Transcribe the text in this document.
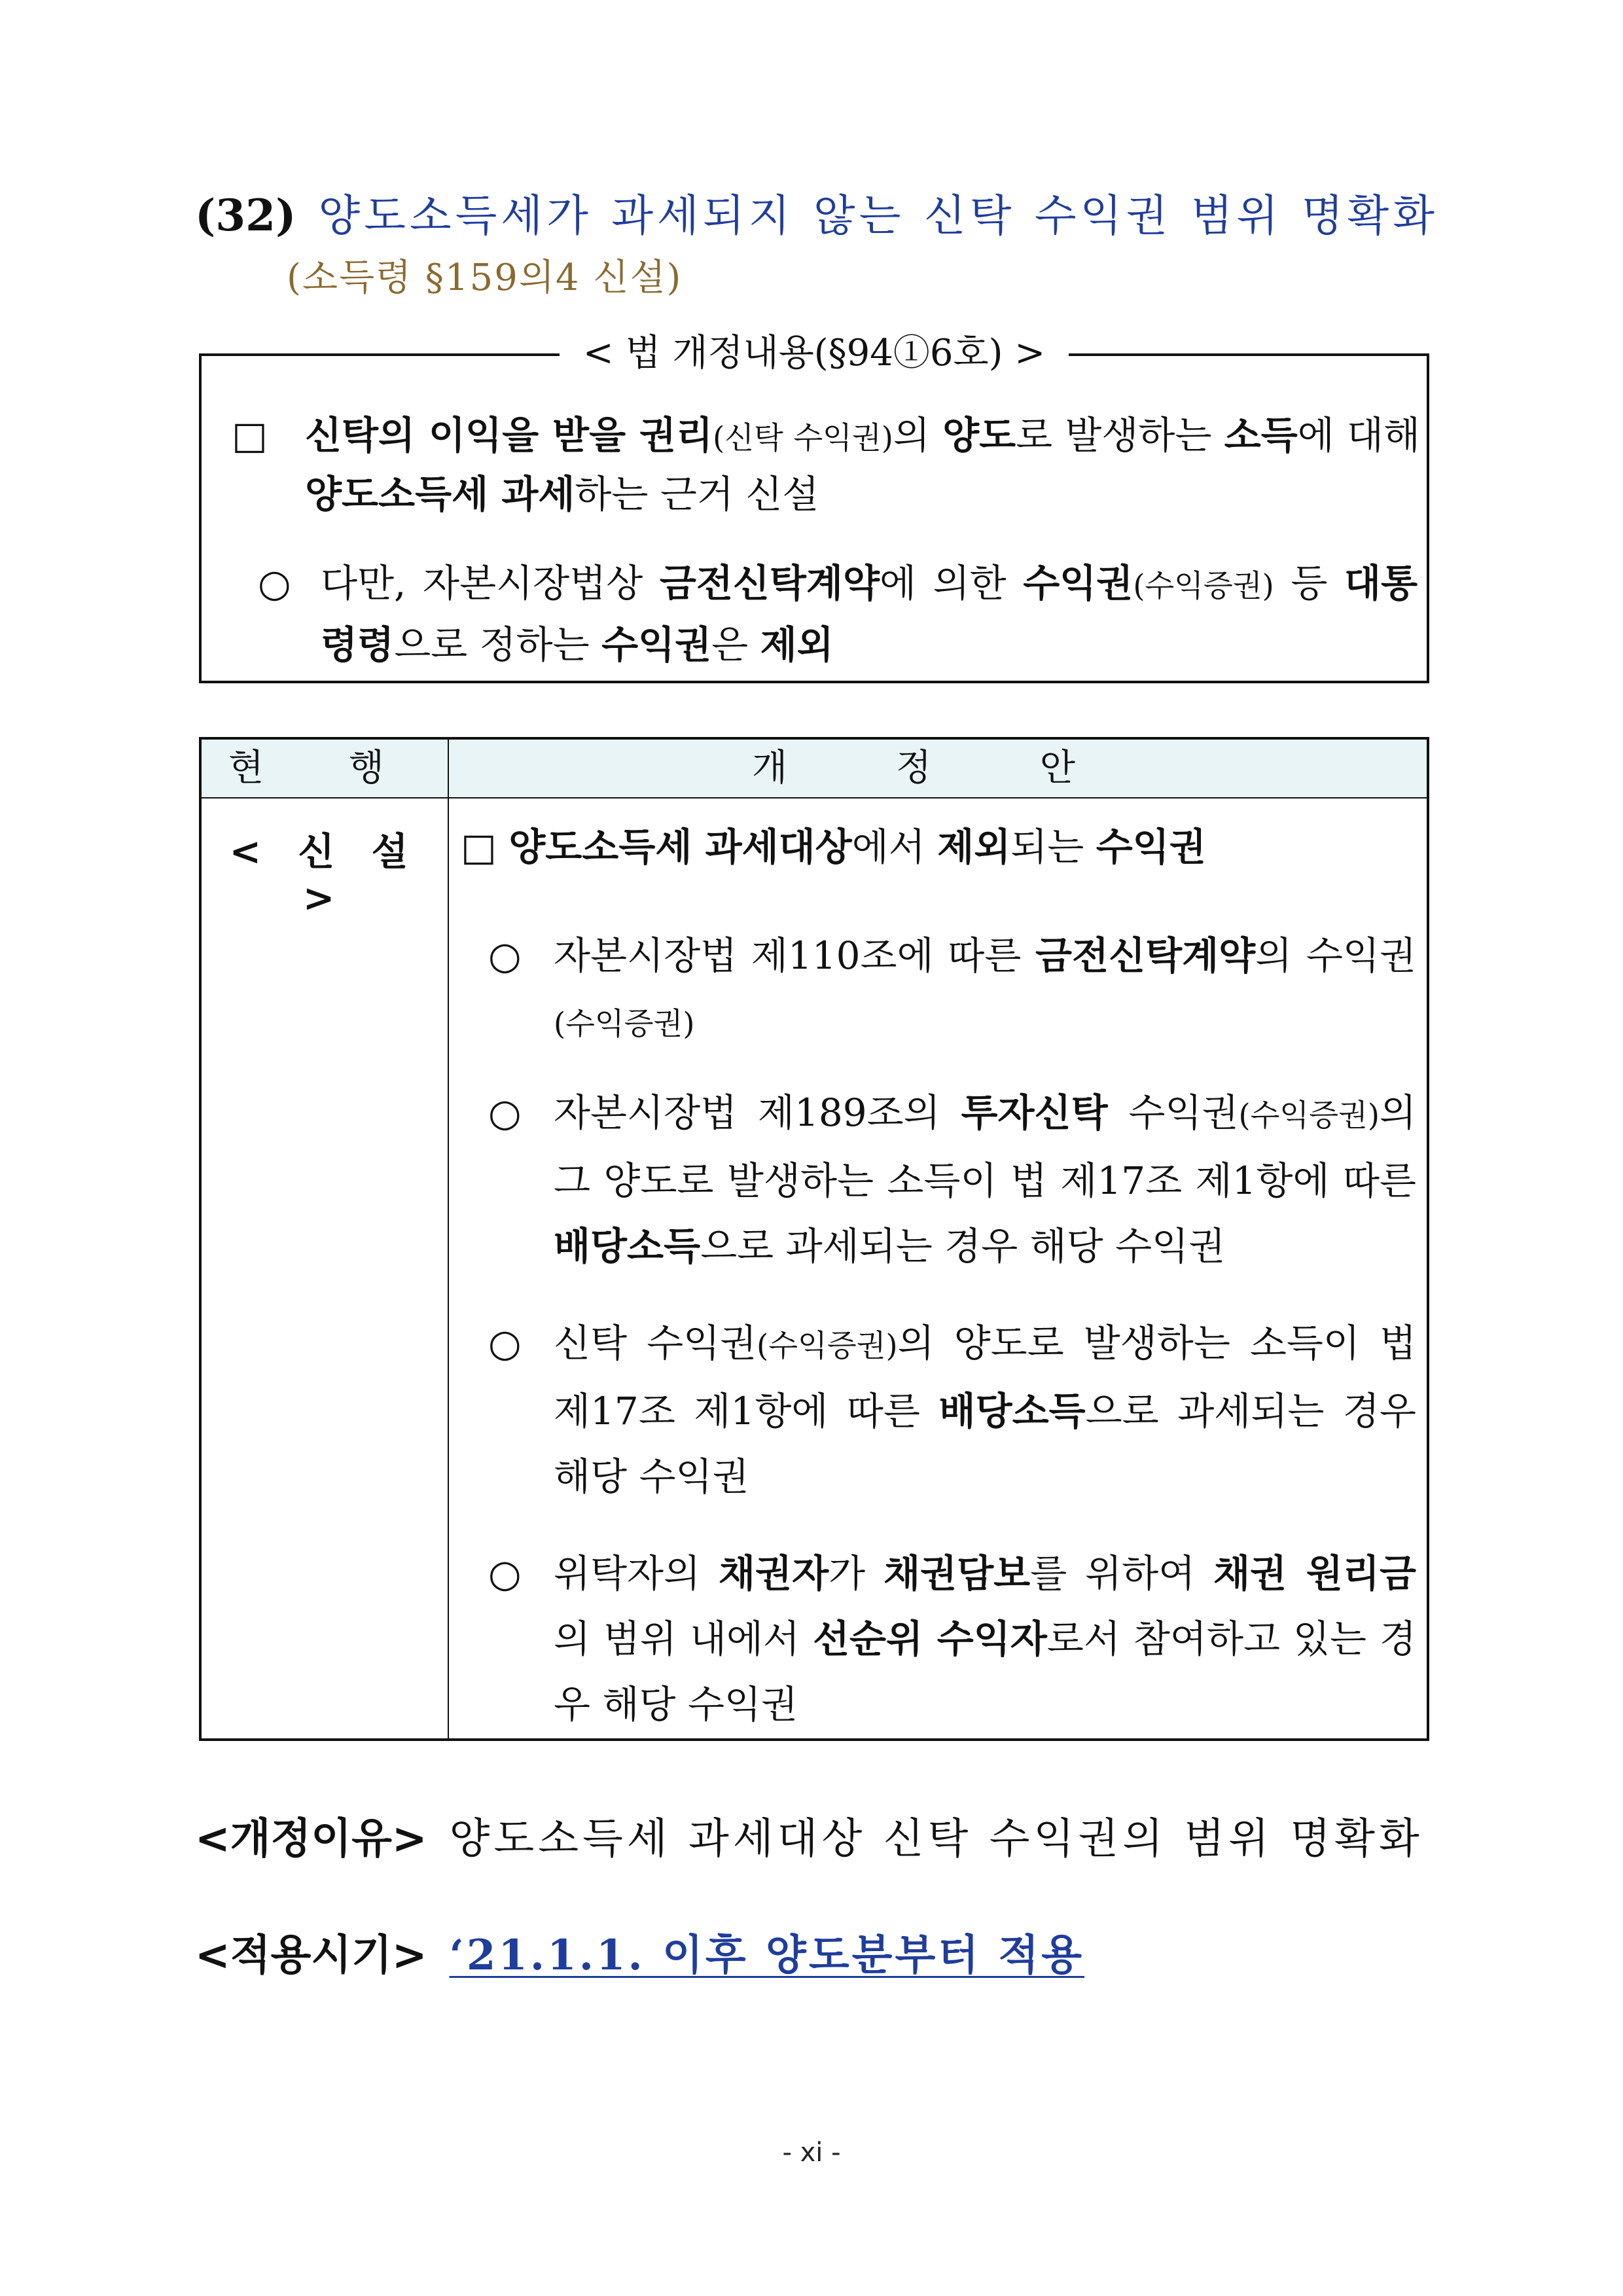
(32) 양도소득세가 과세되지 않는 신탁 수익권 범위 명확화
(소득령 §159의4 신설)
< 법 개정내용(§94①6호) >
□ 신탁의 이익을 받을 권리(신탁 수익권)의 양도로 발생하는 소득에 대해 양도소득세 과세하는 근거 신설
○ 다만, 자본시장법상 금전신탁계약에 의한 수익권(수익증권) 등 대통령령으로 정하는 수익권은 제외
현 행	개 정 안
< 신 설 >
□ 양도소득세 과세대상에서 제외되는 수익권
○ 자본시장법 제110조에 따른 금전신탁계약의 수익권(수익증권)
○ 자본시장법 제189조의 투자신탁 수익권(수익증권)의 그 양도로 발생하는 소득이 법 제17조 제1항에 따른 배당소득으로 과세되는 경우 해당 수익권
○ 신탁 수익권(수익증권)의 양도로 발생하는 소득이 법 제17조 제1항에 따른 배당소득으로 과세되는 경우 해당 수익권
○ 위탁자의 채권자가 채권담보를 위하여 채권 원리금의 범위 내에서 선순위 수익자로서 참여하고 있는 경우 해당 수익권
<개정이유> 양도소득세 과세대상 신탁 수익권의 범위 명확화
<적용시기> ‘21.1.1. 이후 양도분부터 적용
- xi -
